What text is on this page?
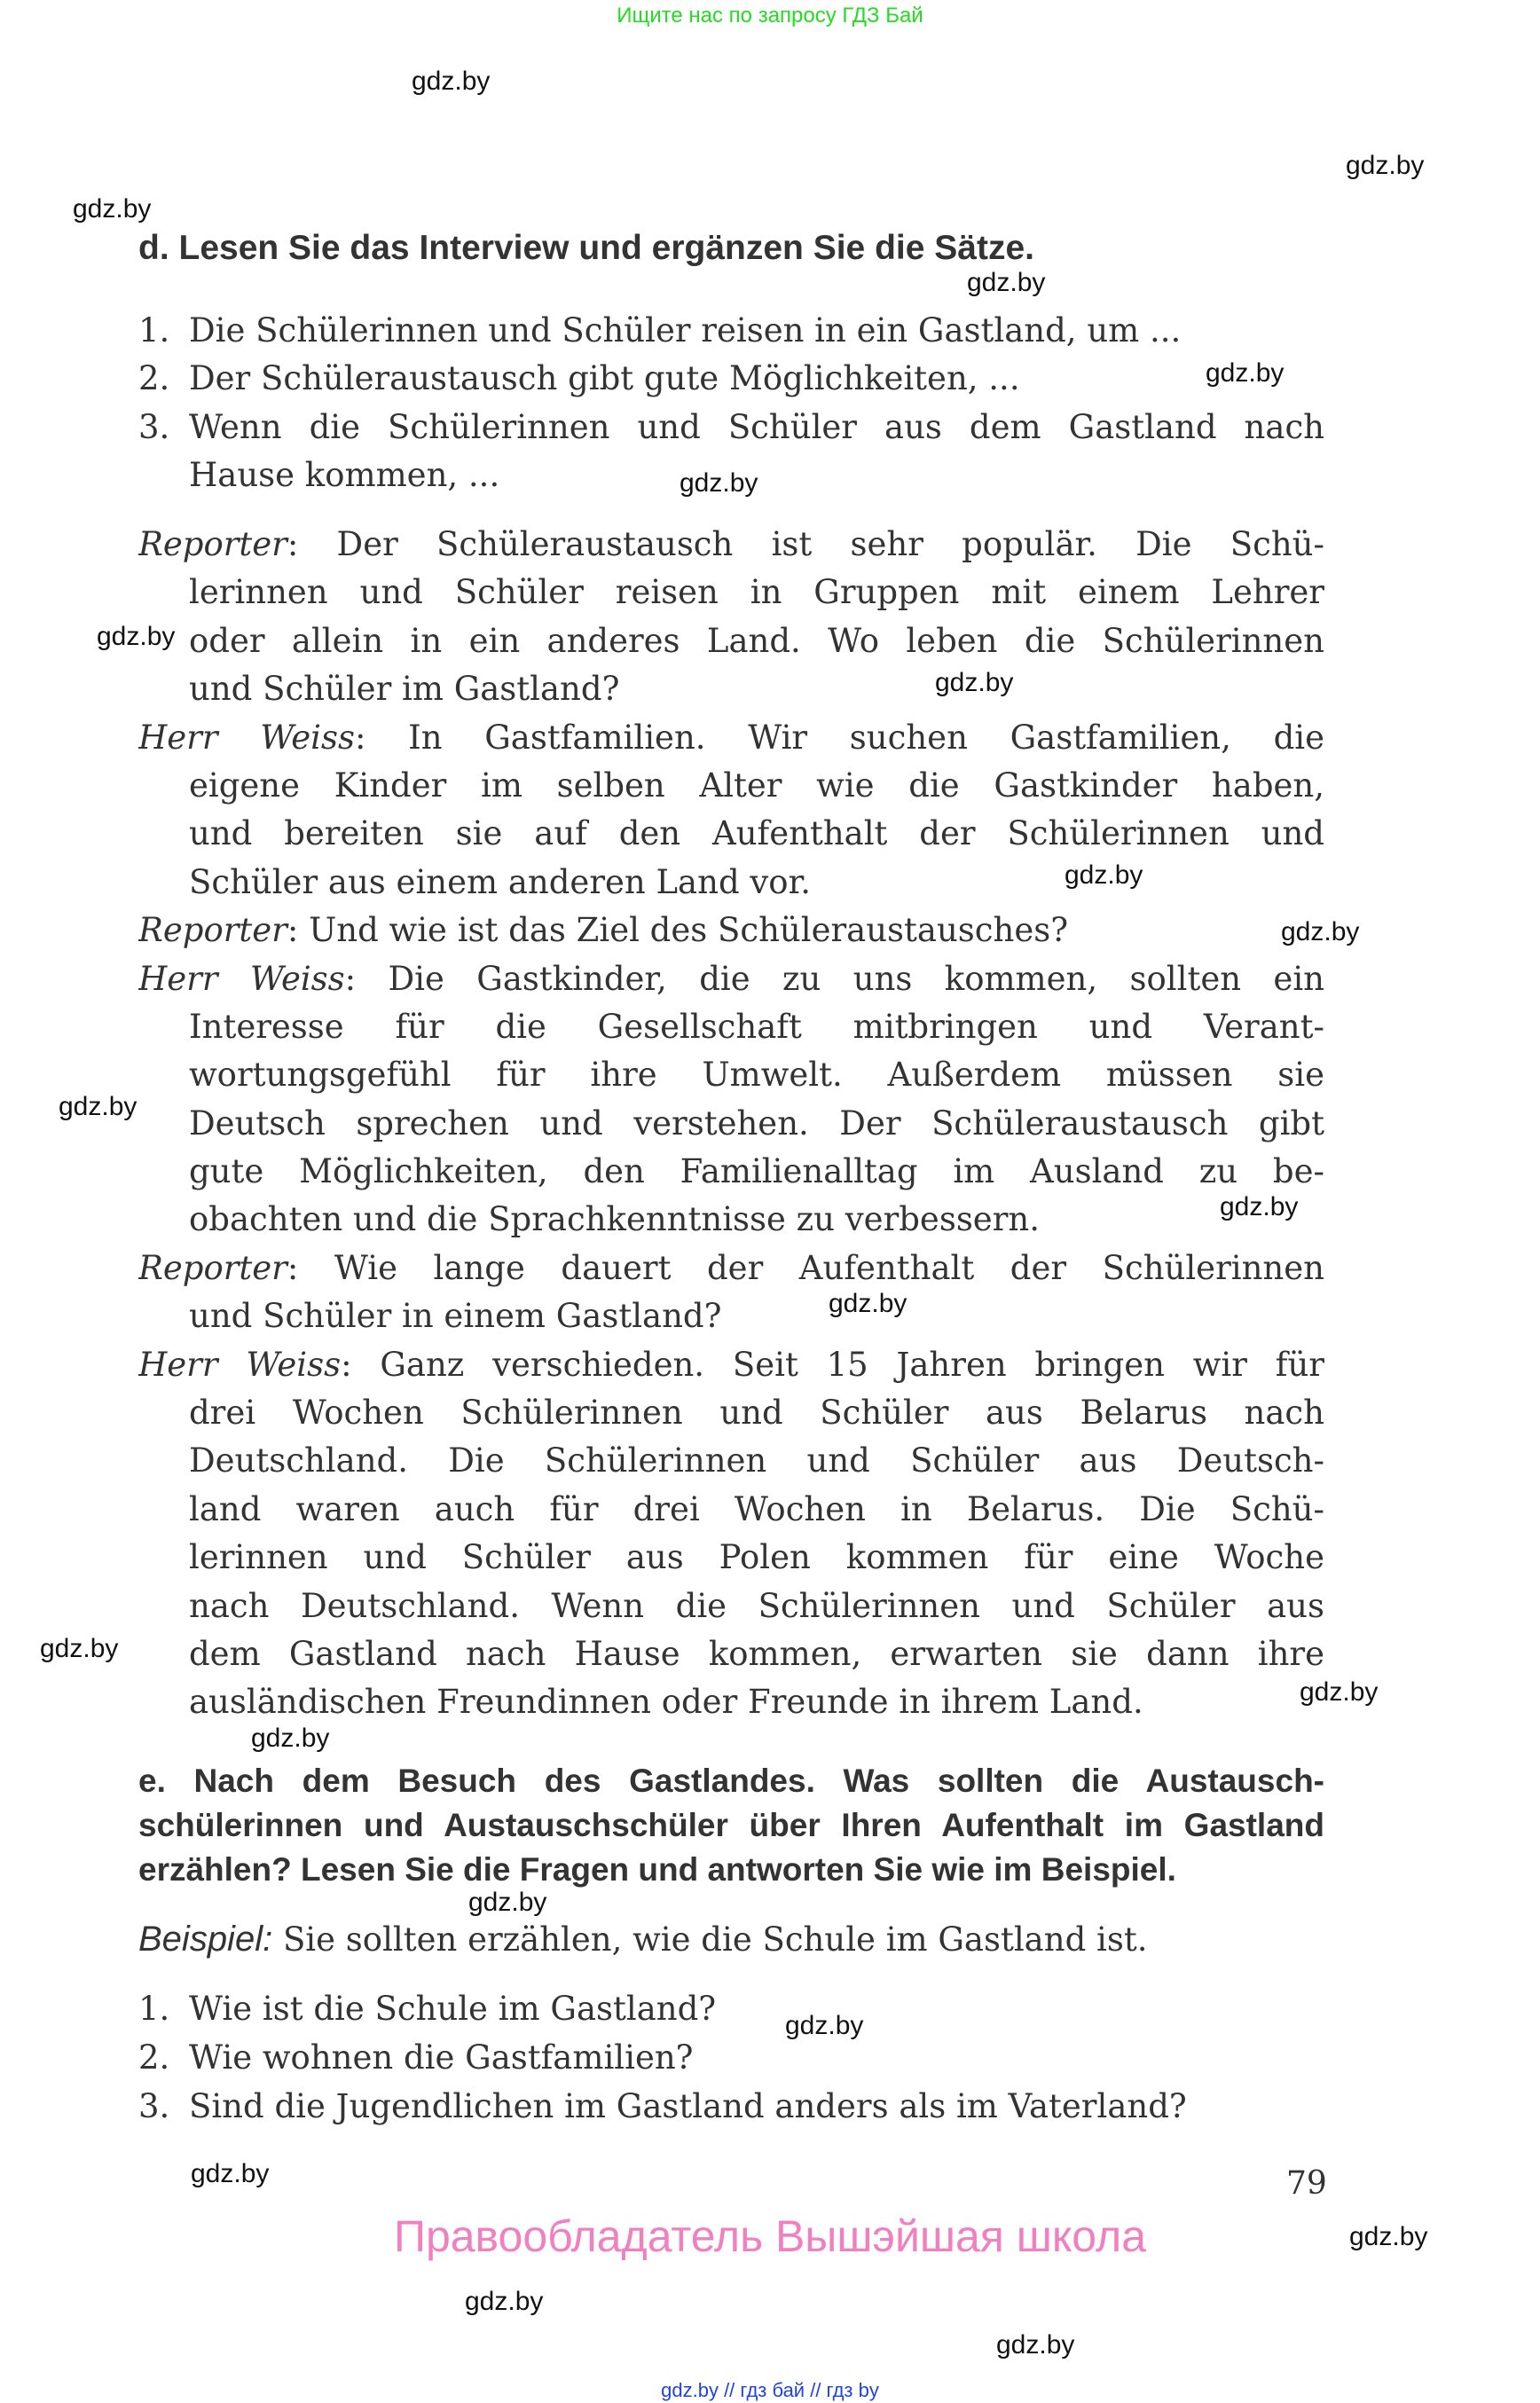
Ищите нас по запросу ГДЗ Бай
gdz.by
gdz.by
gdz.by
gdz.by
gdz.by
gdz.by
gdz.by
gdz.by
gdz.by
gdz.by
gdz.by
gdz.by
gdz.by
gdz.by
gdz.by
gdz.by
gdz.by
gdz.by
gdz.by
gdz.by
gdz.by
gdz.by
d. Lesen Sie das Interview und ergänzen Sie die Sätze.
1. Die Schülerinnen und Schüler reisen in ein Gastland, um ...
2. Der Schüleraustausch gibt gute Möglichkeiten, ...
3. Wenn die Schülerinnen und Schüler aus dem Gastland nach
Hause kommen, ...
Reporter: Der Schüleraustausch ist sehr populär. Die Schü-
lerinnen und Schüler reisen in Gruppen mit einem Lehrer
oder allein in ein anderes Land. Wo leben die Schülerinnen
und Schüler im Gastland?
Herr Weiss: In Gastfamilien. Wir suchen Gastfamilien, die
eigene Kinder im selben Alter wie die Gastkinder haben,
und bereiten sie auf den Aufenthalt der Schülerinnen und
Schüler aus einem anderen Land vor.
Reporter: Und wie ist das Ziel des Schüleraustausches?
Herr Weiss: Die Gastkinder, die zu uns kommen, sollten ein
Interesse für die Gesellschaft mitbringen und Verant-
wortungsgefühl für ihre Umwelt. Außerdem müssen sie
Deutsch sprechen und verstehen. Der Schüleraustausch gibt
gute Möglichkeiten, den Familienalltag im Ausland zu be-
obachten und die Sprachkenntnisse zu verbessern.
Reporter: Wie lange dauert der Aufenthalt der Schülerinnen
und Schüler in einem Gastland?
Herr Weiss: Ganz verschieden. Seit 15 Jahren bringen wir für
drei Wochen Schülerinnen und Schüler aus Belarus nach
Deutschland. Die Schülerinnen und Schüler aus Deutsch-
land waren auch für drei Wochen in Belarus. Die Schü-
lerinnen und Schüler aus Polen kommen für eine Woche
nach Deutschland. Wenn die Schülerinnen und Schüler aus
dem Gastland nach Hause kommen, erwarten sie dann ihre
ausländischen Freundinnen oder Freunde in ihrem Land.
e. Nach dem Besuch des Gastlandes. Was sollten die Austausch-
schülerinnen und Austauschschüler über Ihren Aufenthalt im Gastland
erzählen? Lesen Sie die Fragen und antworten Sie wie im Beispiel.
Beispiel: Sie sollten erzählen, wie die Schule im Gastland ist.
1. Wie ist die Schule im Gastland?
2. Wie wohnen die Gastfamilien?
3. Sind die Jugendlichen im Gastland anders als im Vaterland?
79
Правообладатель Вышэйшая школа
gdz.by // гдз бай // гдз by
